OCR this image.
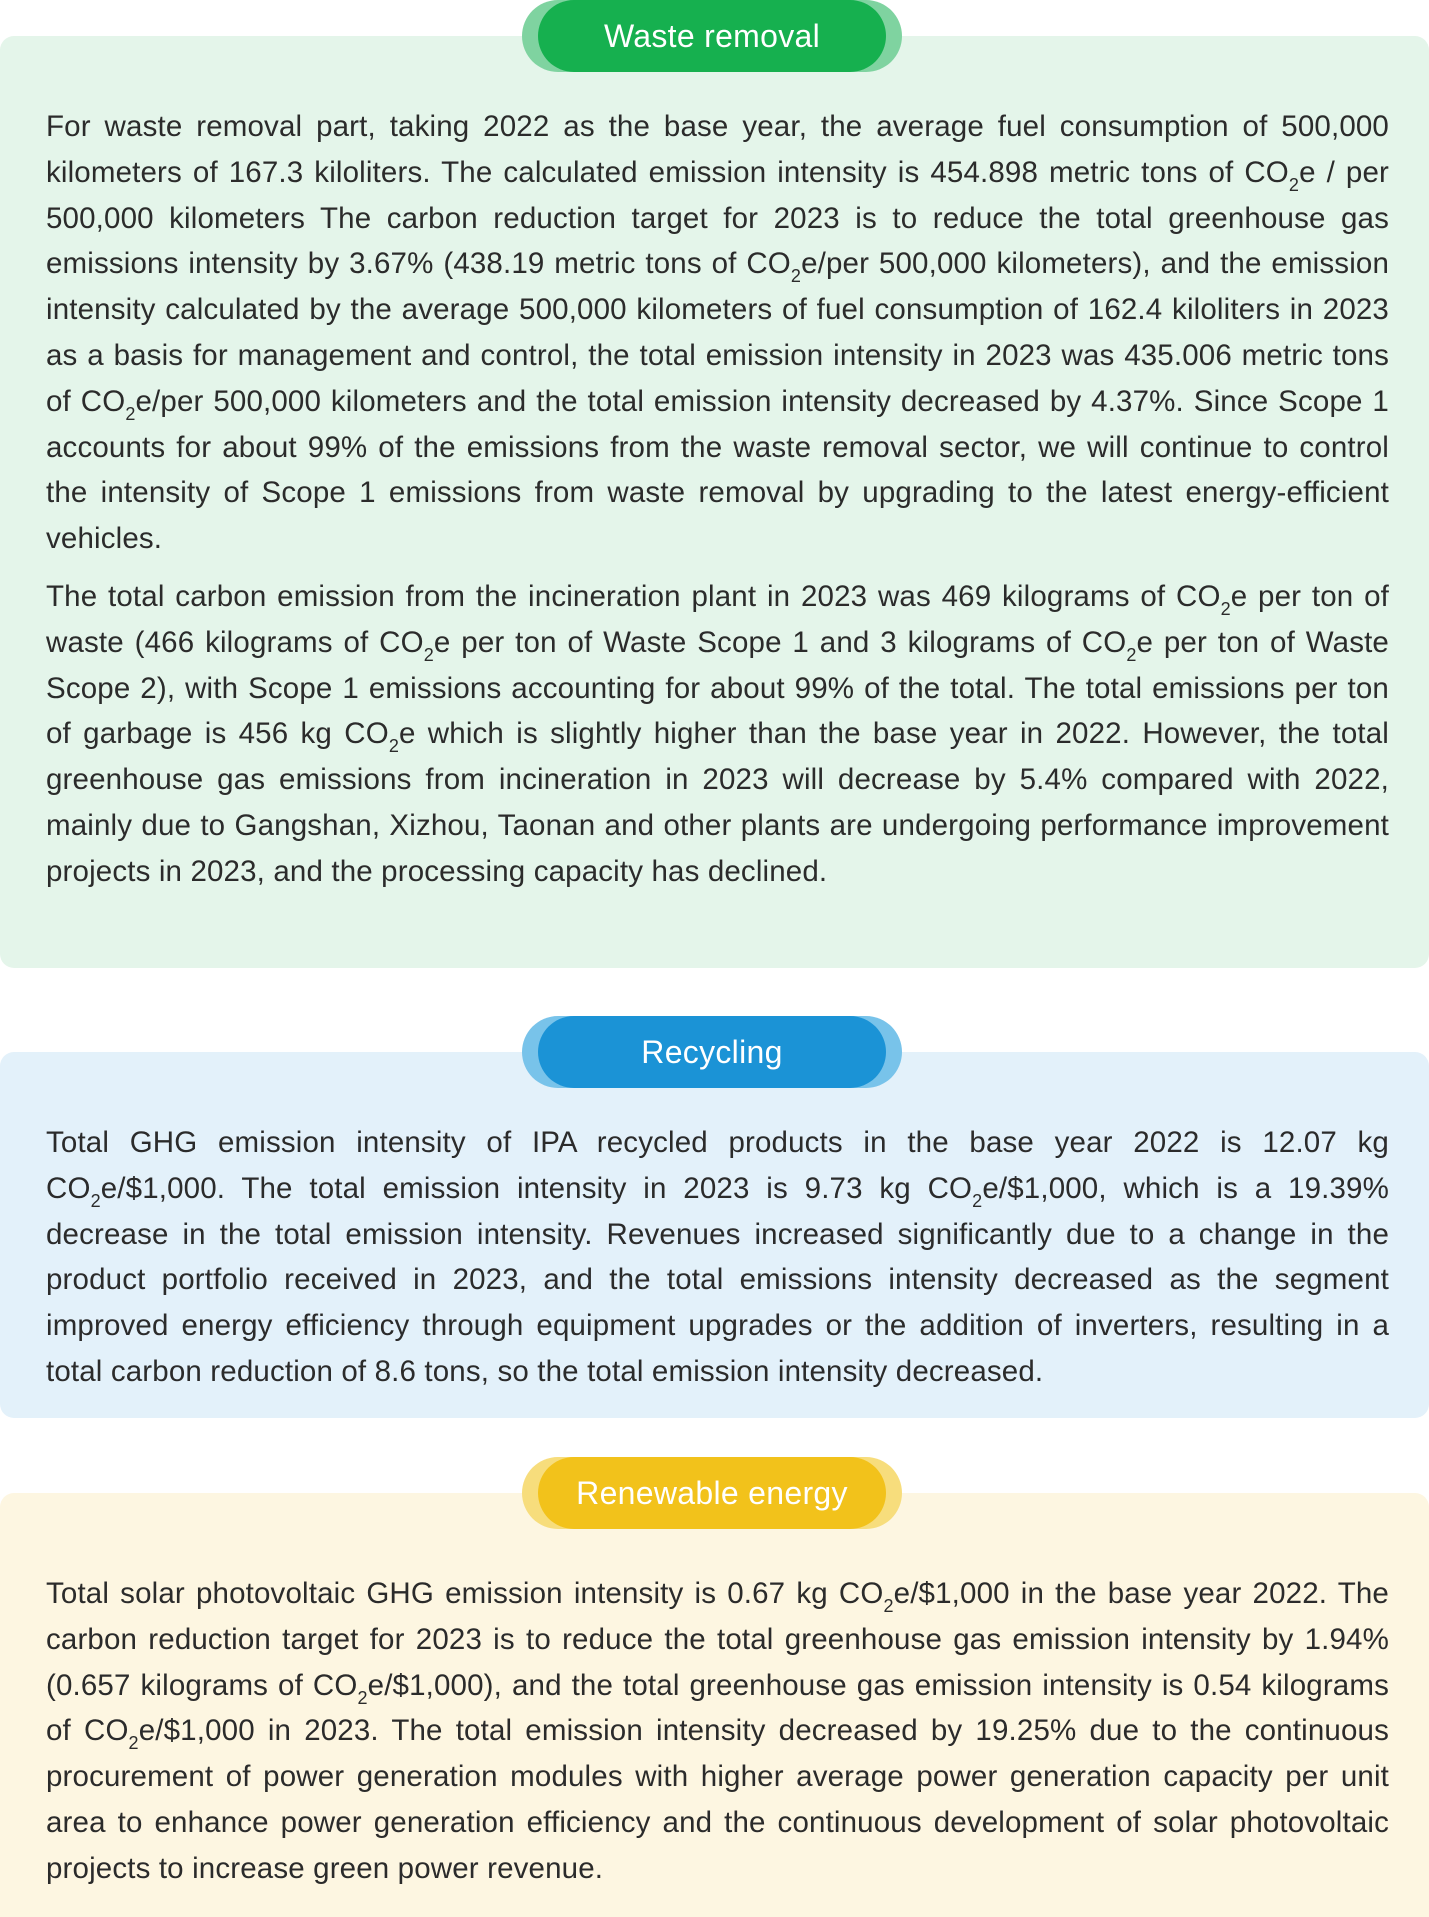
For waste removal part, taking 2022 as the base year, the average fuel consumption of 500,000 kilometers of 167.3 kiloliters. The calculated emission intensity is 454.898 metric tons of $CO_2e$ / per 500,000 kilometers The carbon reduction target for 2023 is to reduce the total greenhouse gas emissions intensity by 3.67% (438.19 metric tons of $CO_2e$/per 500,000 kilometers), and the emission intensity calculated by the average 500,000 kilometers of fuel consumption of 162.4 kiloliters in 2023 as a basis for management and control, the total emission intensity in 2023 was 435.006 metric tons of $CO_2e$/per 500,000 kilometers and the total emission intensity decreased by 4.37%. Since Scope 1 accounts for about 99% of the emissions from the waste removal sector, we will continue to control the intensity of Scope 1 emissions from waste removal by upgrading to the latest energy-efficient vehicles.

The total carbon emission from the incineration plant in 2023 was 469 kilograms of $CO_2e$ per ton of waste (466 kilograms of $CO_2e$ per ton of Waste Scope 1 and 3 kilograms of $CO_2e$ per ton of Waste Scope 2), with Scope 1 emissions accounting for about 99% of the total. The total emissions per ton of garbage is 456 kg $CO_2e$ which is slightly higher than the base year in 2022. However, the total greenhouse gas emissions from incineration in 2023 will decrease by 5.4% compared with 2022, mainly due to Gangshan, Xizhou, Taonan and other plants are undergoing performance improvement projects in 2023, and the processing capacity has declined.

Waste removal

Total GHG emission intensity of IPA recycled products in the base year 2022 is 12.07 kg $CO_2e/\$1,000$. The total emission intensity in 2023 is 9.73 kg $CO_2e/\$1,000$, which is a 19.39% decrease in the total emission intensity. Revenues increased significantly due to a change in the product portfolio received in 2023, and the total emissions intensity decreased as the segment improved energy efficiency through equipment upgrades or the addition of inverters, resulting in a total carbon reduction of 8.6 tons, so the total emission intensity decreased.

Recycling

Total solar photovoltaic GHG emission intensity is 0.67 kg $CO_2e/\$1,000$ in the base year 2022. The carbon reduction target for 2023 is to reduce the total greenhouse gas emission intensity by 1.94% (0.657 kilograms of $CO_2e/\$1,000$), and the total greenhouse gas emission intensity is 0.54 kilograms of $CO_2e/\$1,000$ in 2023. The total emission intensity decreased by 19.25% due to the continuous procurement of power generation modules with higher average power generation capacity per unit area to enhance power generation efficiency and the continuous development of solar photovoltaic projects to increase green power revenue.

Renewable energy
